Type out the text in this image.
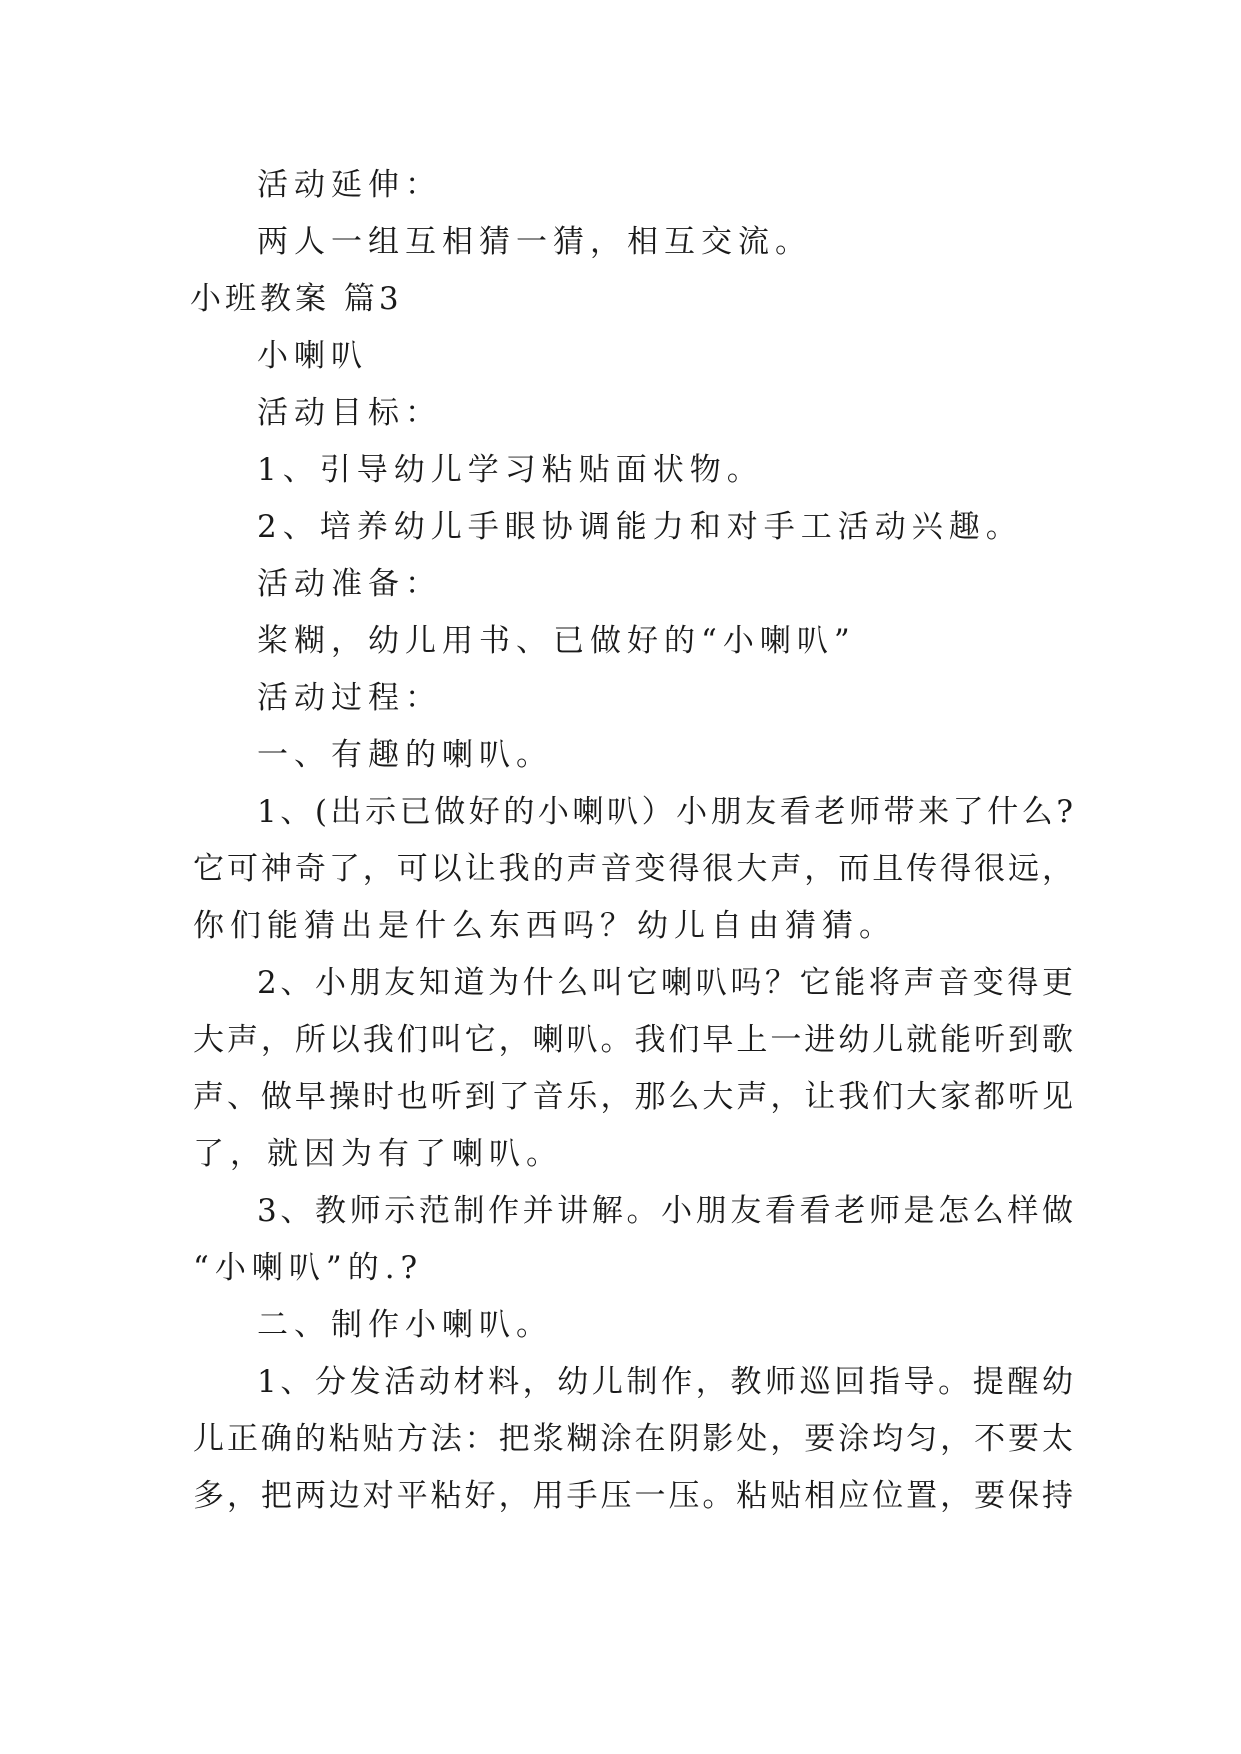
活动延伸：
两人一组互相猜一猜，相互交流。
小班教案 篇3
小喇叭
活动目标：
1、引导幼儿学习粘贴面状物。
2、培养幼儿手眼协调能力和对手工活动兴趣。
活动准备：
桨糊，幼儿用书、已做好的“小喇叭”
活动过程：
一、有趣的喇叭。
1、(出示已做好的小喇叭）小朋友看老师带来了什么?
它可神奇了，可以让我的声音变得很大声，而且传得很远，
你们能猜出是什么东西吗？幼儿自由猜猜。
2、小朋友知道为什么叫它喇叭吗？它能将声音变得更
大声，所以我们叫它，喇叭。我们早上一进幼儿就能听到歌
声、做早操时也听到了音乐，那么大声，让我们大家都听见
了，就因为有了喇叭。
3、教师示范制作并讲解。小朋友看看老师是怎么样做
“小喇叭”的.?
二、制作小喇叭。
1、分发活动材料，幼儿制作，教师巡回指导。提醒幼
儿正确的粘贴方法：把浆糊涂在阴影处，要涂均匀，不要太
多，把两边对平粘好，用手压一压。粘贴相应位置，要保持
